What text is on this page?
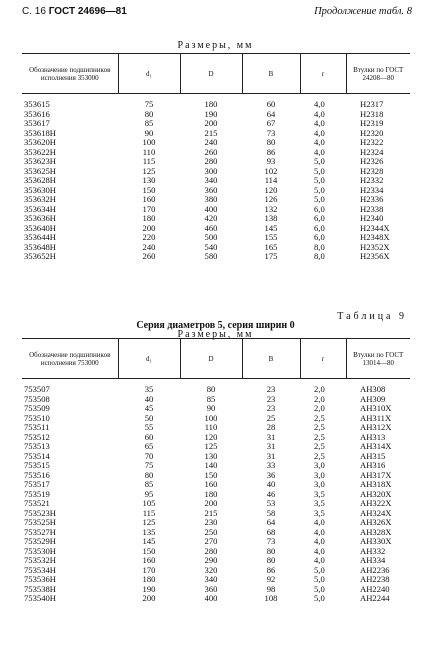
С. 16 ГОСТ 24696—81	Продолжение табл. 8
Размеры, мм
Обозначение подшипников исполнения 353000	d₁	D	B	r	Втулки по ГОСТ 24208—80
353615	75	180	60	4,0	H2317
353616	80	190	64	4,0	H2318
353617	85	200	67	4,0	H2319
353618H	90	215	73	4,0	H2320
353620H	100	240	80	4,0	H2322
353622H	110	260	86	4,0	H2324
353623H	115	280	93	5,0	H2326
353625H	125	300	102	5,0	H2328
353628H	130	340	114	5,0	H2332
353630H	150	360	120	5,0	H2334
353632H	160	380	126	5,0	H2336
353634H	170	400	132	6,0	H2338
353636H	180	420	138	6,0	H2340
353640H	200	460	145	6,0	H2344X
353644H	220	500	155	6,0	H2348X
353648H	240	540	165	8,0	H2352X
353652H	260	580	175	8,0	H2356X
Таблица 9
Серия диаметров 5, серия ширин 0
Размеры, мм
Обозначение подшипников исполнения 753000	d₁	D	B	r	Втулки по ГОСТ 13014—80
753507	35	80	23	2,0	AH308
753508	40	85	23	2,0	AH309
753509	45	90	23	2,0	AH310X
753510	50	100	25	2,5	AH311X
753511	55	110	28	2,5	AH312X
753512	60	120	31	2,5	AH313
753513	65	125	31	2,5	AH314X
753514	70	130	31	2,5	AH315
753515	75	140	33	3,0	AH316
753516	80	150	36	3,0	AH317X
753517	85	160	40	3,0	AH318X
753519	95	180	46	3,5	AH320X
753521	105	200	53	3,5	AH322X
753523H	115	215	58	3,5	AH324X
753525H	125	230	64	4,0	AH326X
753527H	135	250	68	4,0	AH328X
753529H	145	270	73	4,0	AH330X
753530H	150	280	80	4,0	AH332
753532H	160	290	80	4,0	AH334
753534H	170	320	86	5,0	AH2236
753536H	180	340	92	5,0	AH2238
753538H	190	360	98	5,0	AH2240
753540H	200	400	108	5,0	AH2244
